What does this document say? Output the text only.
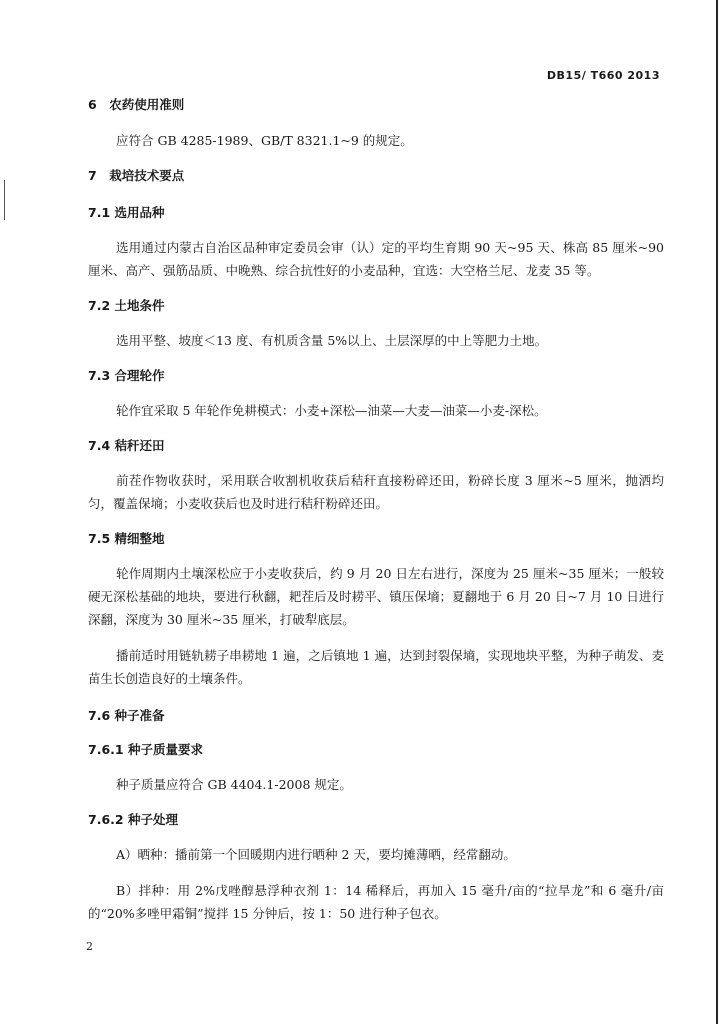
DB15/ T660 2013
6　农药使用准则

应符合 GB 4285-1989、GB/T 8321.1~9 的规定。

7　栽培技术要点
7.1 选用品种

选用通过内蒙古自治区品种审定委员会审（认）定的平均生育期 90 天~95 天、株高 85 厘米~90 厘米、高产、强筋品质、中晚熟、综合抗性好的小麦品种，宜选：大空格兰尼、龙麦 35 等。

7.2 土地条件

选用平整、坡度＜13 度、有机质含量 5%以上、土层深厚的中上等肥力土地。

7.3 合理轮作

轮作宜采取 5 年轮作免耕模式：小麦+深松—油菜—大麦—油菜—小麦-深松。

7.4 秸秆还田

前茬作物收获时，采用联合收割机收获后秸秆直接粉碎还田，粉碎长度 3 厘米~5 厘米，抛洒均匀，覆盖保墒；小麦收获后也及时进行秸秆粉碎还田。

7.5 精细整地

轮作周期内土壤深松应于小麦收获后，约 9 月 20 日左右进行，深度为 25 厘米~35 厘米；一般较硬无深松基础的地块，要进行秋翻，耙茬后及时耢平、镇压保墒；夏翻地于 6 月 20 日~7 月 10 日进行深翻，深度为 30 厘米~35 厘米，打破犁底层。

播前适时用链轨耢子串耢地 1 遍，之后镇地 1 遍，达到封裂保墒，实现地块平整，为种子萌发、麦苗生长创造良好的土壤条件。

7.6 种子准备
7.6.1 种子质量要求

种子质量应符合 GB 4404.1-2008 规定。

7.6.2 种子处理

A）晒种：播前第一个回暖期内进行晒种 2 天，要均摊薄晒，经常翻动。

B）拌种：用 2%戊唑醇悬浮种衣剂 1：14 稀释后，再加入 15 毫升/亩的“拉旱龙”和 6 毫升/亩的“20%多唑甲霜铜”搅拌 15 分钟后，按 1：50 进行种子包衣。

2
